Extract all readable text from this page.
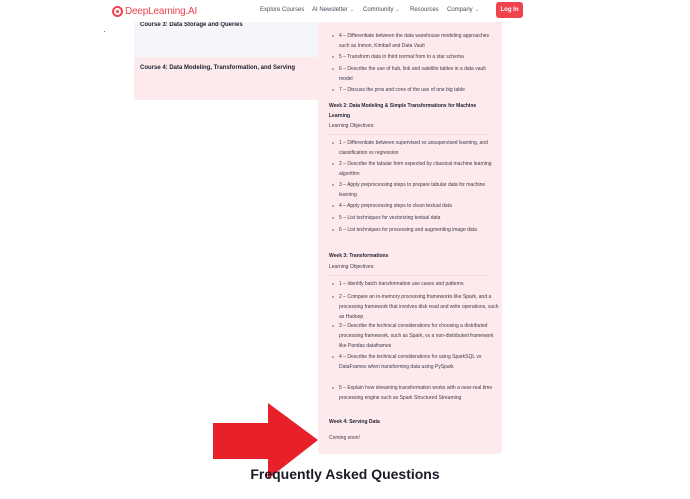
DeepLearning.AI	Explore Courses AI Newsletter ⌄ Community ⌄ Resources Company ⌄	Log In
Course 3: Data Storage and Queries
Course 4: Data Modeling, Transformation, and Serving
4 – Differentiate between the data warehouse modeling approaches such as Inmon, Kimball and Data Vault
5 – Transform data in third normal form to a star schema
6 – Describe the use of hub, link and satellite tables in a data vault model
7 – Discuss the pros and cons of the use of one big table
Week 2: Data Modeling & Simple Transformations for Machine Learning
Learning Objectives:
1 – Differentiate between supervised vs unsupervised learning, and classification vs regression
2 – Describe the tabular form expected by classical machine learning algorithm
3 – Apply preprocessing steps to prepare tabular data for machine learning
4 – Apply preprocessing steps to clean textual data
5 – List techniques for vectorizing textual data
6 – List techniques for processing and augmenting image data
Week 3: Transformations
Learning Objectives:
1 – Identify batch transformation use cases and patterns
2 – Compare an in-memory processing frameworks like Spark, and a processing framework that involves disk read and write operations, such as Hadoop
3 – Describe the technical considerations for choosing a distributed processing framework, such as Spark, vs a non-distributed framework like Pandas dataframes
4 – Describe the technical considerations for using SparkSQL vs DataFrames when transforming data using PySpark
5 – Explain how streaming transformation works with a near-real time processing engine such as Spark Structured Streaming
Week 4: Serving Data
Coming soon!
Frequently Asked Questions
